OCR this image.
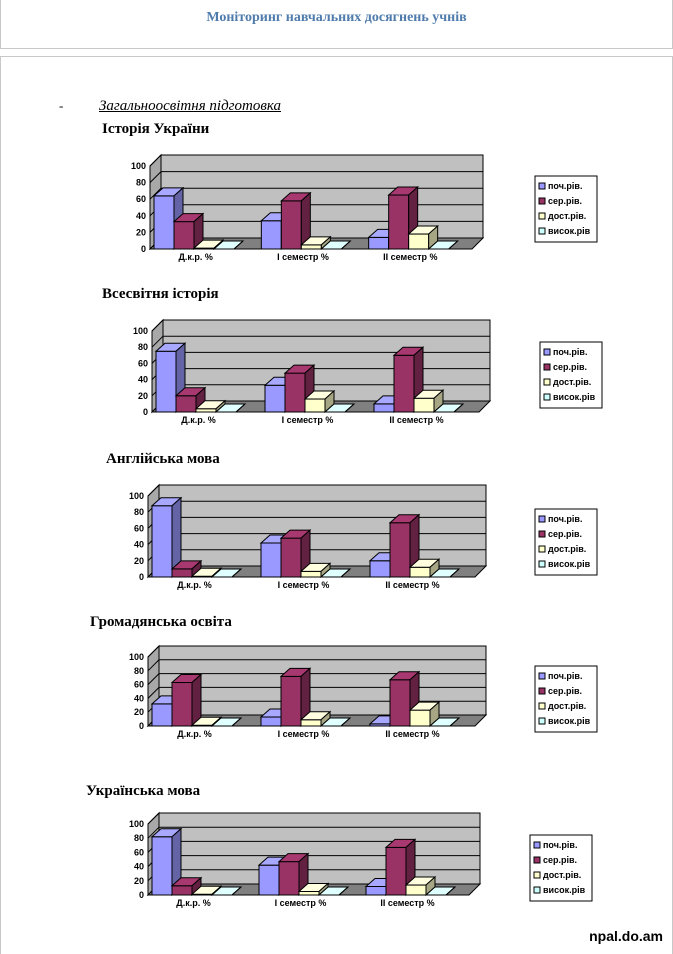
Моніторинг навчальних досягнень учнів
- Загальноосвітня підготовка
Історія України
0
20
40
60
80
100
Д.к.р. %	І семестр %	ІІ семестр %
поч.рів.
сер.рів.
дост.рів.
висок.рів
Всесвітня історія
0
20
40
60
80
100
Д.к.р. %	І семестр %	ІІ семестр %
поч.рів.
сер.рів.
дост.рів.
висок.рів
Англійська мова
0
20
40
60
80
100
Д.к.р. %	І семестр %	ІІ семестр %
поч.рів.
сер.рів.
дост.рів.
висок.рів
Громадянська освіта
0
20
40
60
80
100
Д.к.р. %	І семестр %	ІІ семестр %
поч.рів.
сер.рів.
дост.рів.
висок.рів
Українська мова
0
20
40
60
80
100
Д.к.р. %	І семестр %	ІІ семестр %
поч.рів.
сер.рів.
дост.рів.
висок.рів
npal.do.am
